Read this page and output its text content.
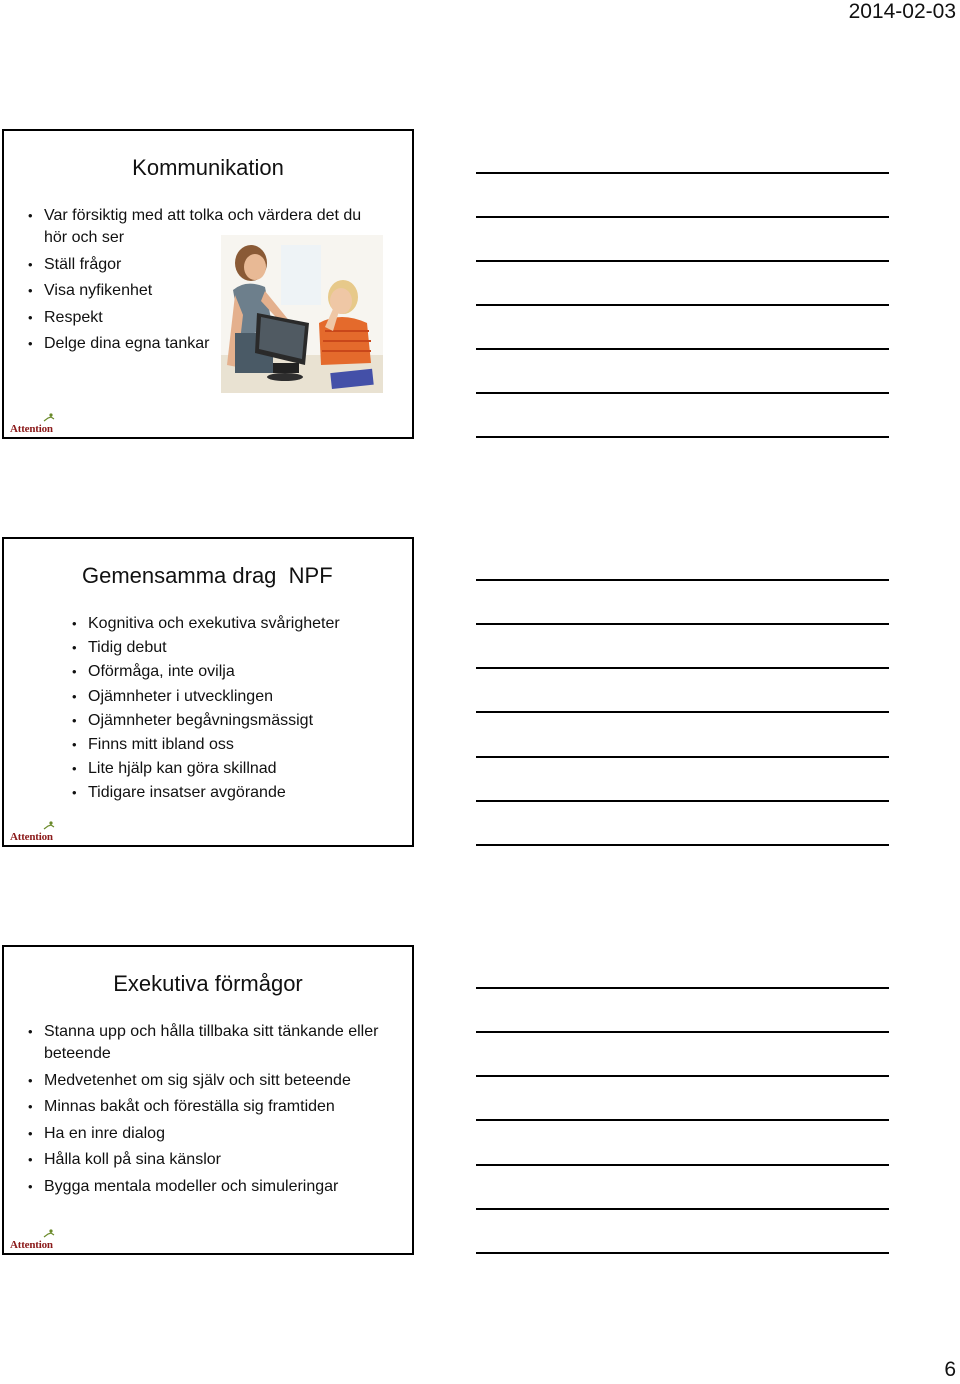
2014-02-03
Kommunikation
• Var försiktig med att tolka och värdera det du hör och ser
• Ställ frågor
• Visa nyfikenhet
• Respekt
• Delge dina egna tankar
Attention
Gemensamma drag  NPF
• Kognitiva och exekutiva svårigheter
• Tidig debut
• Oförmåga, inte ovilja
• Ojämnheter i utvecklingen
• Ojämnheter begåvningsmässigt
• Finns mitt ibland oss
• Lite hjälp kan göra skillnad
• Tidigare insatser avgörande
Attention
Exekutiva förmågor
• Stanna upp och hålla tillbaka sitt tänkande eller beteende
• Medvetenhet om sig själv och sitt beteende
• Minnas bakåt och föreställa sig framtiden
• Ha en inre dialog
• Hålla koll på sina känslor
• Bygga mentala modeller och simuleringar
Attention
6
